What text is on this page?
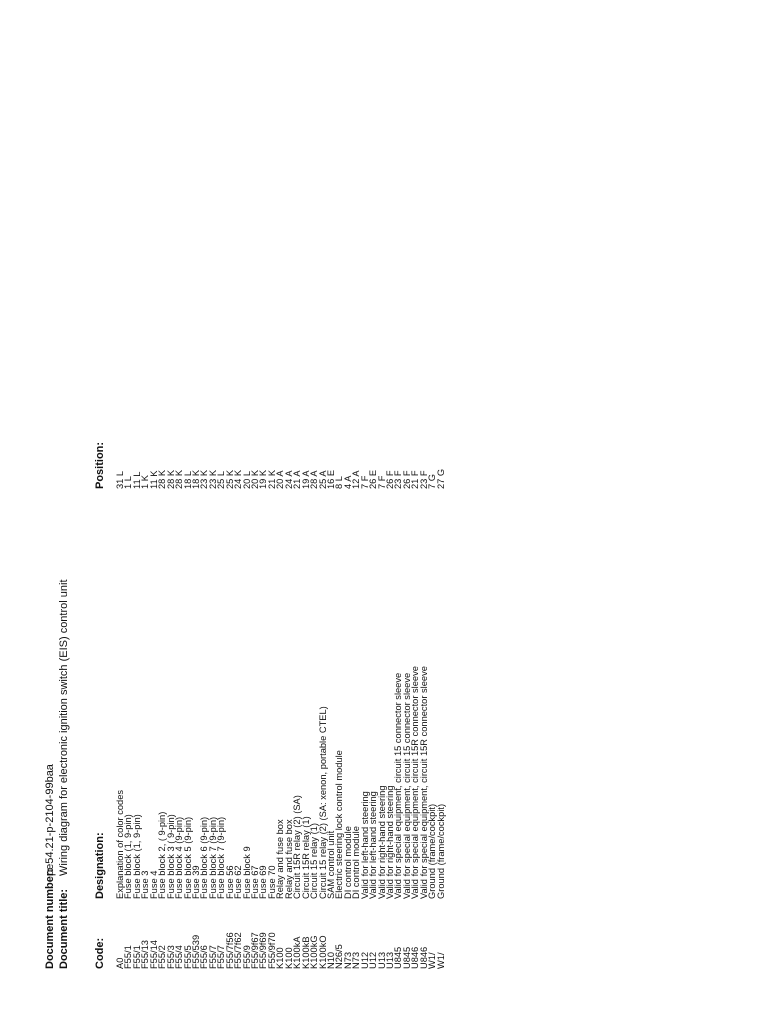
Document number:
pe54.21-p-2104-99baa
Document title:
Wiring diagram for electronic ignition switch (EIS) control unit
Code:
Designation:
Position:
A0
Explanation of color codes
31 L
F55/1
Fuse block (1, 9-pin)
1 L
F55/1
Fuse block (1, 9-pin)
11 L
F55/13
Fuse 3
1 K
F55/14
Fuse 4
11 K
F55/2
Fuse block 2, ( 9-pin)
28 K
F55/3
Fuse block 3 ( 9-pin)
28 K
F55/4
Fuse block 4 (9-pin)
28 K
F55/5
Fuse block 5 (9-pin)
18 L
F55/539
Fuse 39
18 K
F55/6
Fuse block 6 (9-pin)
23 K
F55/7
Fuse block 7 (9-pin)
23 K
F55/7
Fuse block 7 (9-pin)
25 L
F55/7f56
Fuse 56
25 K
F55/7f62
Fuse 62
24 K
F55/9
Fuse block 9
20 L
F55/9f67
Fuse 67
20 K
F55/9f69
Fuse 69
19 K
F55/9f70
Fuse 70
21 K
K100
Relay and fuse box
20 A
K100
Relay and fuse box
24 A
K100kA
Circuit 15R relay (2) (SA)
21 A
K100kB
Circuit 15R relay (1)
19 A
K100kG
Circuit 15 relay (1)
28 A
K100kO
Circuit 15 relay (2) (SA: xenon, portable CTEL)
25 A
N10
SAM control unit
16 E
N26/5
Electric steering lock control module
8 L
N73
DI control module
4 A
N73
DI control module
12 A
U12
Valid for left-hand steering
7 F
U12
Valid for left-hand steering
26 E
U13
Valid for right-hand steering
7 F
U13
Valid for right-hand steering
26 F
U845
Valid for special equipment, circuit 15 connector sleeve
23 F
U845
Valid for special equipment, circuit 15 connector sleeve
26 F
U846
Valid for special equipment, circuit 15R connector sleeve
21 F
U846
Valid for special equipment, circuit 15R connector sleeve
23 F
W1/
Ground (frame/cockpit)
7 G
W1/
Ground (frame/cockpit)
27 G
